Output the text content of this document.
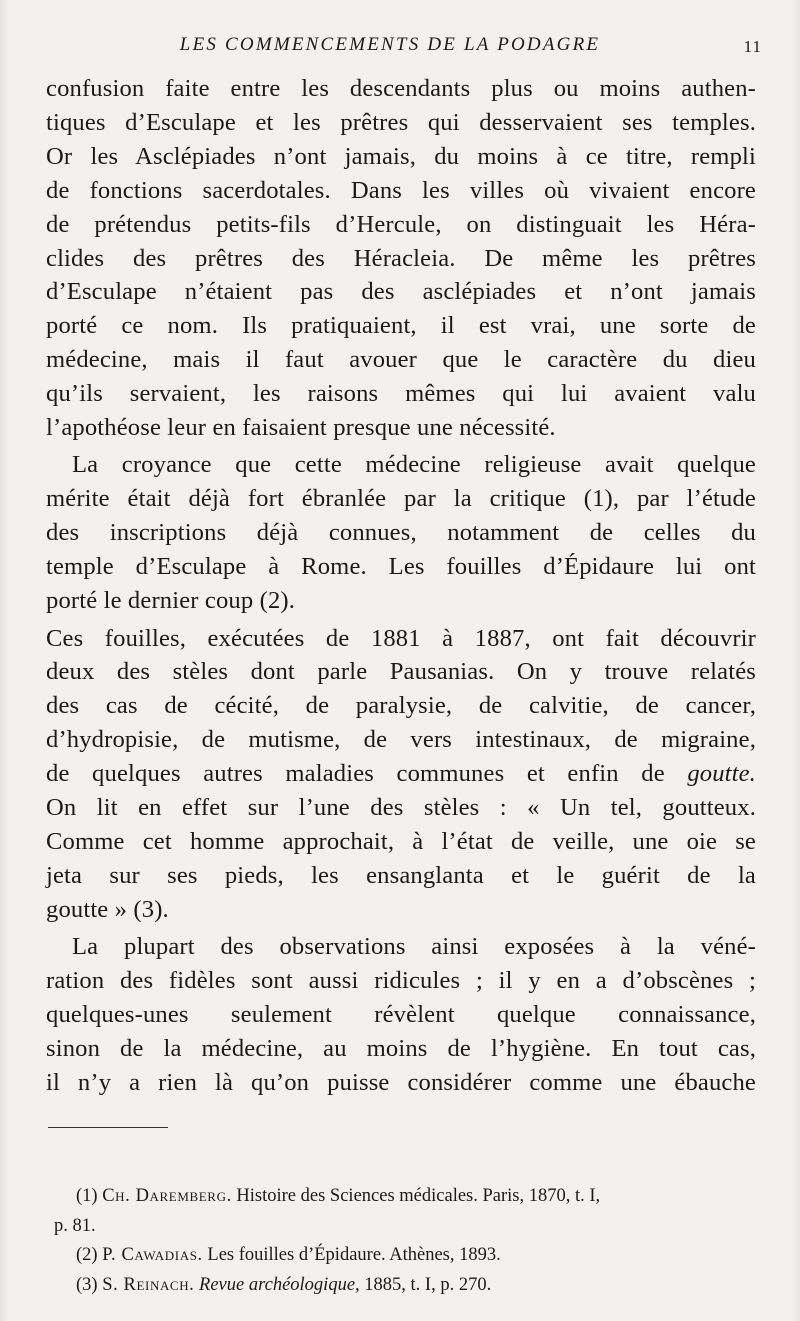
LES COMMENCEMENTS DE LA PODAGRE	11
confusion faite entre les descendants plus ou moins authen-
tiques d’Esculape et les prêtres qui desservaient ses temples.
Or les Asclépiades n’ont jamais, du moins à ce titre, rempli
de fonctions sacerdotales. Dans les villes où vivaient encore
de prétendus petits-fils d’Hercule, on distinguait les Héra-
clides des prêtres des Héracleia. De même les prêtres
d’Esculape n’étaient pas des asclépiades et n’ont jamais
porté ce nom. Ils pratiquaient, il est vrai, une sorte de
médecine, mais il faut avouer que le caractère du dieu
qu’ils servaient, les raisons mêmes qui lui avaient valu
l’apothéose leur en faisaient presque une nécessité.
La croyance que cette médecine religieuse avait quelque
mérite était déjà fort ébranlée par la critique (1), par l’étude
des inscriptions déjà connues, notamment de celles du
temple d’Esculape à Rome. Les fouilles d’Épidaure lui ont
porté le dernier coup (2).
Ces fouilles, exécutées de 1881 à 1887, ont fait découvrir
deux des stèles dont parle Pausanias. On y trouve relatés
des cas de cécité, de paralysie, de calvitie, de cancer,
d’hydropisie, de mutisme, de vers intestinaux, de migraine,
de quelques autres maladies communes et enfin de goutte.
On lit en effet sur l’une des stèles : « Un tel, goutteux.
Comme cet homme approchait, à l’état de veille, une oie se
jeta sur ses pieds, les ensanglanta et le guérit de la
goutte » (3).
La plupart des observations ainsi exposées à la véné-
ration des fidèles sont aussi ridicules ; il y en a d’obscènes ;
quelques-unes seulement révèlent quelque connaissance,
sinon de la médecine, au moins de l’hygiène. En tout cas,
il n’y a rien là qu’on puisse considérer comme une ébauche
(1) Ch. Daremberg. Histoire des Sciences médicales. Paris, 1870, t. I,
p. 81.
(2) P. Cawadias. Les fouilles d’Épidaure. Athènes, 1893.
(3) S. Reinach. Revue archéologique, 1885, t. I, p. 270.
